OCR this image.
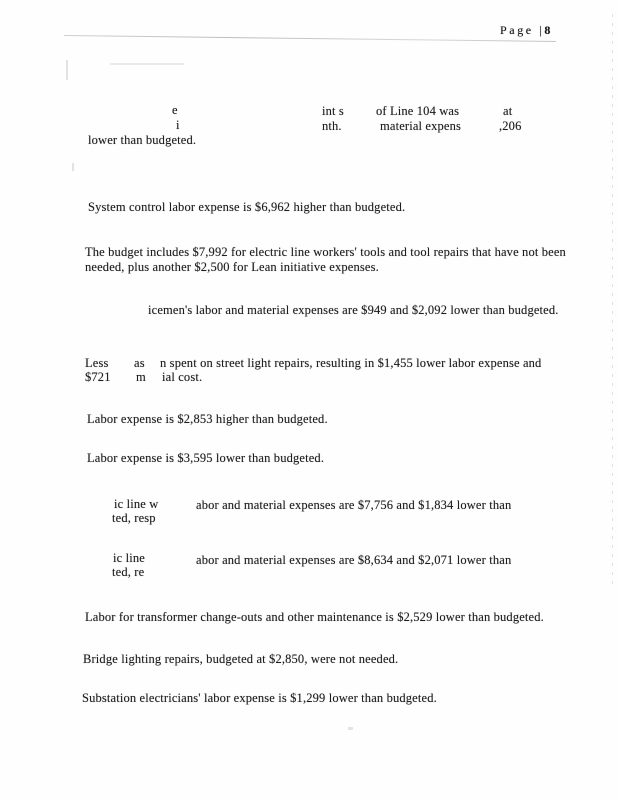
Page |8
e
i
int s
nth.
of Line 104 was
material expens
at
,206
lower than budgeted.
System control labor expense is $6,962 higher than budgeted.
The budget includes $7,992 for electric line workers' tools and tool repairs that have not been
needed, plus another $2,500 for Lean initiative expenses.
icemen's labor and material expenses are $949 and $2,092 lower than budgeted.
Less
$721
as
m
n spent on street light repairs, resulting in $1,455 lower labor expense and
ial cost.
Labor expense is $2,853 higher than budgeted.
Labor expense is $3,595 lower than budgeted.
ic line w
ted, resp
abor and material expenses are $7,756 and $1,834 lower than
ic line
ted, re
abor and material expenses are $8,634 and $2,071 lower than
Labor for transformer change-outs and other maintenance is $2,529 lower than budgeted.
Bridge lighting repairs, budgeted at $2,850, were not needed.
Substation electricians' labor expense is $1,299 lower than budgeted.
